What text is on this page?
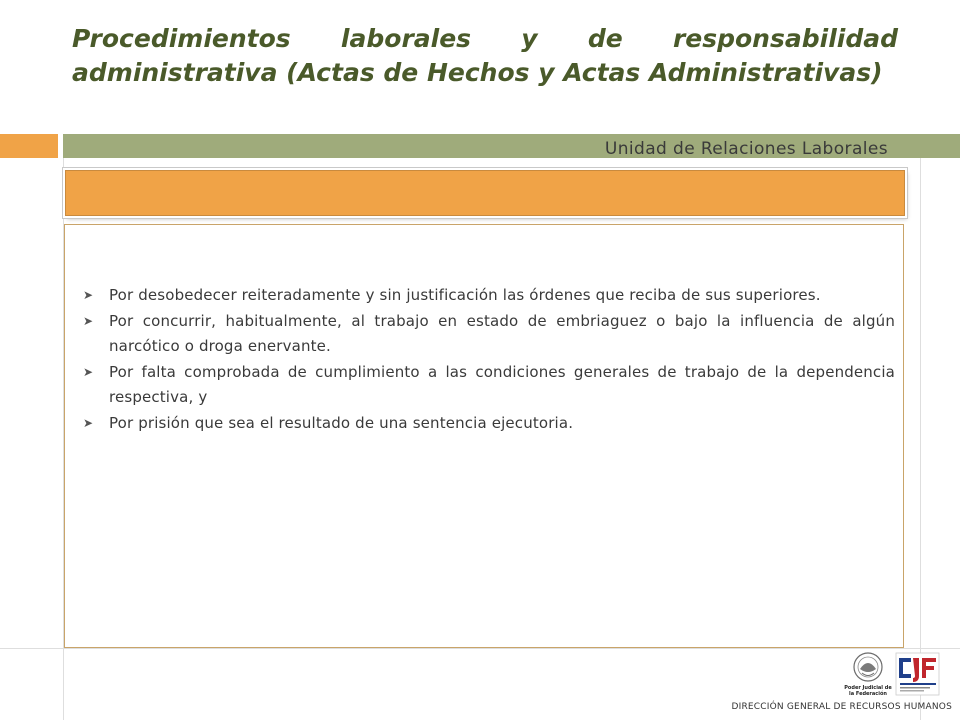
Procedimientos laborales y de responsabilidad administrativa (Actas de Hechos y Actas Administrativas)
Unidad de Relaciones Laborales
➤ Por desobedecer reiteradamente y sin justificación las órdenes que reciba de sus superiores.
➤ Por concurrir, habitualmente, al trabajo en estado de embriaguez o bajo la influencia de algún narcótico o droga enervante.
➤ Por falta comprobada de cumplimiento a las condiciones generales de trabajo de la dependencia respectiva, y
➤ Por prisión que sea el resultado de una sentencia ejecutoria.
Poder Judicial de la Federación
DIRECCIÓN GENERAL DE RECURSOS HUMANOS
